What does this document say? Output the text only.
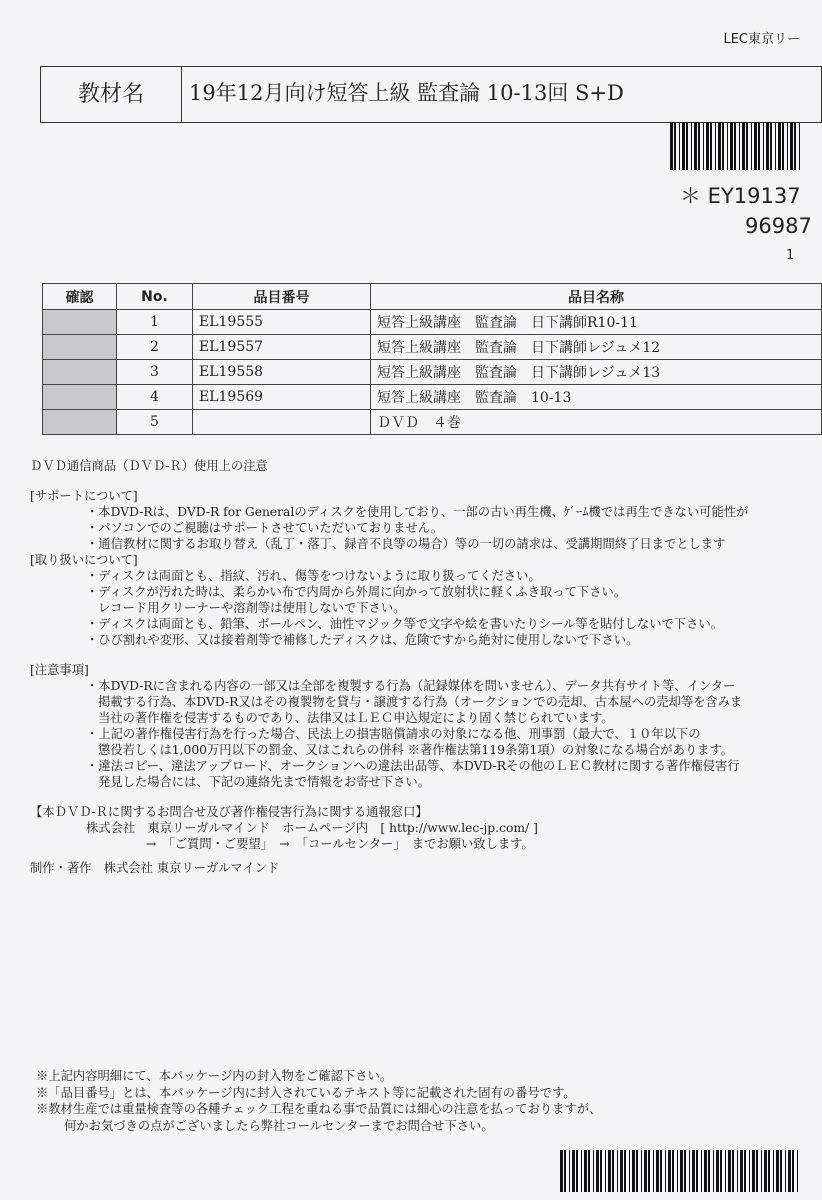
LEC東京リー
教材名	19年12月向け短答上級 監査論 10-13回 S+D
＊ EY19137
96987
1
確認	No.	品目番号	品目名称
	1	EL19555	短答上級講座　監査論　日下講師R10-11
	2	EL19557	短答上級講座　監査論　日下講師レジュメ12
	3	EL19558	短答上級講座　監査論　日下講師レジュメ13
	4	EL19569	短答上級講座　監査論　10-13
	5		ＤＶＤ　４巻
ＤＶＤ通信商品（ＤＶＤ-Ｒ）使用上の注意
[サポートについて]
・本DVD-Rは、DVD-R for Generalのディスクを使用しており、一部の古い再生機、ｹﾞｰﾑ機では再生できない可能性が
・パソコンでのご視聴はサポートさせていただいておりません。
・通信教材に関するお取り替え（乱丁・落丁、録音不良等の場合）等の一切の請求は、受講期間終了日までとします
[取り扱いについて]
・ディスクは両面とも、指紋、汚れ、傷等をつけないように取り扱ってください。
・ディスクが汚れた時は、柔らかい布で内周から外周に向かって放射状に軽くふき取って下さい。
レコード用クリーナーや溶剤等は使用しないで下さい。
・ディスクは両面とも、鉛筆、ボールペン、油性マジック等で文字や絵を書いたりシール等を貼付しないで下さい。
・ひび割れや変形、又は接着剤等で補修したディスクは、危険ですから絶対に使用しないで下さい。
[注意事項]
・本DVD-Rに含まれる内容の一部又は全部を複製する行為（記録媒体を問いません）、データ共有サイト等、インター
掲載する行為、本DVD-R又はその複製物を貸与・譲渡する行為（オークションでの売却、古本屋への売却等を含みま
当社の著作権を侵害するものであり、法律又はＬＥＣ申込規定により固く禁じられています。
・上記の著作権侵害行為を行った場合、民法上の損害賠償請求の対象になる他、刑事罰（最大で、１０年以下の
懲役若しくは1,000万円以下の罰金、又はこれらの併科 ※著作権法第119条第1項）の対象になる場合があります。
・違法コピー、違法アップロード、オークションへの違法出品等、本DVD-Rその他のＬＥＣ教材に関する著作権侵害行
発見した場合には、下記の連絡先まで情報をお寄せ下さい。
【本ＤＶＤ-Ｒに関するお問合せ及び著作権侵害行為に関する通報窓口】
株式会社　東京リーガルマインド　ホームページ内　[ http://www.lec-jp.com/ ]
→　「ご質問・ご要望」　→　「コールセンター」　までお願い致します。
制作・著作　株式会社 東京リーガルマインド
※上記内容明細にて、本パッケージ内の封入物をご確認下さい。
※「品目番号」とは、本パッケージ内に封入されているテキスト等に記載された固有の番号です。
※教材生産では重量検査等の各種チェック工程を重ねる事で品質には細心の注意を払っておりますが、
何かお気づきの点がございましたら弊社コールセンターまでお問合せ下さい。
